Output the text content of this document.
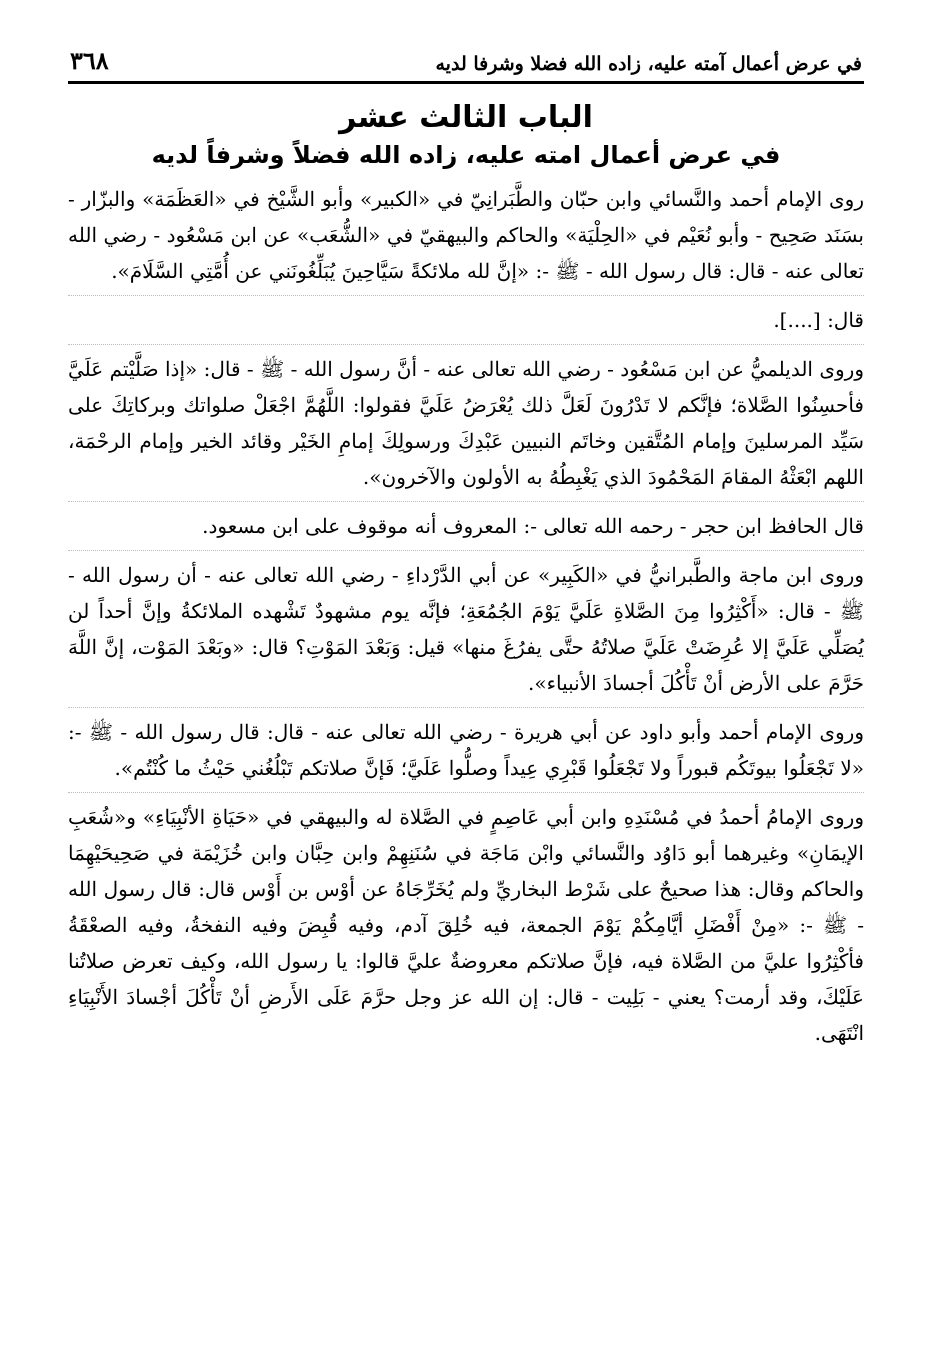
في عرض أعمال آمته عليه، زاده الله فضلا وشرفا لديه
٣٦٨
الباب الثالث عشر
في عرض أعمال امته عليه، زاده الله فضلاً وشرفاً لديه
روى الإمام أحمد والنَّسائي وابن حبّان والطَّبَرانِيّ في «الكبير» وأبو الشَّيْخ في «العَظَمَة» والبزّار - بسَنَد صَحِيح - وأبو نُعَيْم في «الحِلْيَة» والحاكم والبيهقيّ في «الشُّعَب» عن ابن مَسْعُود - رضي الله تعالى عنه - قال: قال رسول الله - ﷺ -: «إنَّ لله ملائكةً سَيَّاحِينَ يُبَلِّغُونَني عن أُمَّتِي السَّلَامَ».
قال: [....].
وروى الديلميُّ عن ابن مَسْعُود - رضي الله تعالى عنه - أنَّ رسول الله - ﷺ - قال: «إذا صَلَّيْتم عَلَيَّ فأحسِنُوا الصَّلاة؛ فإنَّكم لا تَدْرُونَ لَعَلَّ ذلك يُعْرَضُ عَلَيَّ فقولوا: اللَّهُمَّ اجْعَلْ صلواتك وبركاتِكَ على سَيِّد المرسلينَ وإمام المُتَّقين وخاتَم النبيين عَبْدِكَ ورسولِكَ إمامِ الخَيْر وقائد الخير وإمام الرحْمَة، اللهم ابْعَثْهُ المقامَ المَحْمُودَ الذي يَغْبِطُهُ به الأولون والآخرون».
قال الحافظ ابن حجر - رحمه الله تعالى -: المعروف أنه موقوف على ابن مسعود.
وروى ابن ماجة والطَّبرانيُّ في «الكَبِير» عن أبي الدَّرْداءِ - رضي الله تعالى عنه - أن رسول الله - ﷺ - قال: «أَكْثِرُوا مِنَ الصَّلاةِ عَلَيَّ يَوْمَ الجُمُعَةِ؛ فإنَّه يوم مشهودٌ تَشْهده الملائكةُ وإنَّ أحداً لن يُصَلِّي عَلَيَّ إلا عُرِضَتْ عَلَيَّ صلاتُهُ حتَّى يفرُغَ منها» قيل: وَبَعْدَ المَوْتِ؟ قال: «وبَعْدَ المَوْت، إنَّ اللَّهَ حَرَّمَ على الأرض أنْ تَأْكُلَ أجسادَ الأنبياء».
وروى الإمام أحمد وأبو داود عن أبي هريرة - رضي الله تعالى عنه - قال: قال رسول الله - ﷺ -: «لا تَجْعَلُوا بيوتَكُم قبوراً ولا تَجْعَلُوا قَبْرِي عِيداً وصلُّوا عَلَيَّ؛ فَإنَّ صلاتكم تَبْلُغُني حَيْثُ ما كُنْتُم».
وروى الإمامُ أحمدُ في مُسْنَدِهِ وابن أبي عَاصِمٍ في الصَّلاة له والبيهقي في «حَيَاةِ الأنْبِيَاءِ» و«شُعَبِ الإيمَانِ» وغيرهما أبو دَاوُد والنَّسائي وابْن مَاجَة في سُنَنِهِمْ وابن حِبَّان وابن خُزَيْمَة في صَحِيحَيْهِمَا والحاكم وقال: هذا صحيحٌ على شَرْط البخاريِّ ولم يُخَرِّجَاهُ عن أوْس بن أَوْس قال: قال رسول الله - ﷺ -: «مِنْ أَفْضَلِ أيَّامِكُمْ يَوْمَ الجمعة، فيه خُلِقَ آدم، وفيه قُبِضَ وفيه النفخةُ، وفيه الصعْقَةُ فأكْثِرُوا عليَّ من الصَّلاة فيه، فإنَّ صلاتكم معروضةٌ عليَّ قالوا: يا رسول الله، وكيف تعرض صلاتُنا عَلَيْكَ، وقد أرمت؟ يعني - بَلِيت - قال: إن الله عز وجل حرَّمَ عَلَى الأَرضِ أنْ تَأْكُلَ أجْسادَ الأَنْبِيَاءِ انْتَهَى.
